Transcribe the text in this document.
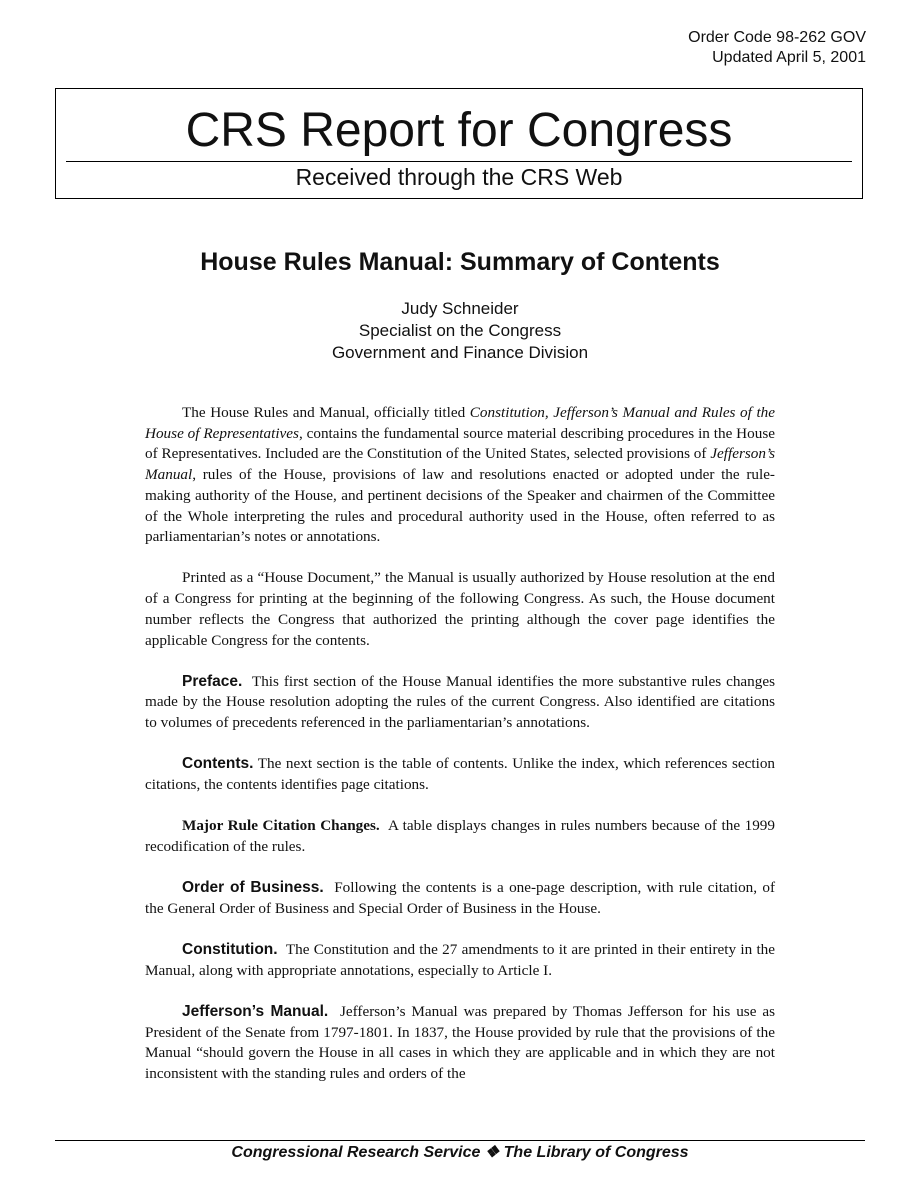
Order Code 98-262 GOV
Updated April 5, 2001
CRS Report for Congress
Received through the CRS Web
House Rules Manual: Summary of Contents
Judy Schneider
Specialist on the Congress
Government and Finance Division

The House Rules and Manual, officially titled Constitution, Jefferson’s Manual and Rules of the House of Representatives, contains the fundamental source material describing procedures in the House of Representatives. Included are the Constitution of the United States, selected provisions of Jefferson’s Manual, rules of the House, provisions of law and resolutions enacted or adopted under the rule-making authority of the House, and pertinent decisions of the Speaker and chairmen of the Committee of the Whole interpreting the rules and procedural authority used in the House, often referred to as parliamentarian’s notes or annotations.

Printed as a “House Document,” the Manual is usually authorized by House resolution at the end of a Congress for printing at the beginning of the following Congress. As such, the House document number reflects the Congress that authorized the printing although the cover page identifies the applicable Congress for the contents.

Preface. This first section of the House Manual identifies the more substantive rules changes made by the House resolution adopting the rules of the current Congress. Also identified are citations to volumes of precedents referenced in the parliamentarian’s annotations.

Contents. The next section is the table of contents. Unlike the index, which references section citations, the contents identifies page citations.

Major Rule Citation Changes. A table displays changes in rules numbers because of the 1999 recodification of the rules.

Order of Business. Following the contents is a one-page description, with rule citation, of the General Order of Business and Special Order of Business in the House.

Constitution. The Constitution and the 27 amendments to it are printed in their entirety in the Manual, along with appropriate annotations, especially to Article I.

Jefferson’s Manual. Jefferson’s Manual was prepared by Thomas Jefferson for his use as President of the Senate from 1797-1801. In 1837, the House provided by rule that the provisions of the Manual “should govern the House in all cases in which they are applicable and in which they are not inconsistent with the standing rules and orders of the

Congressional Research Service ❖ The Library of Congress
